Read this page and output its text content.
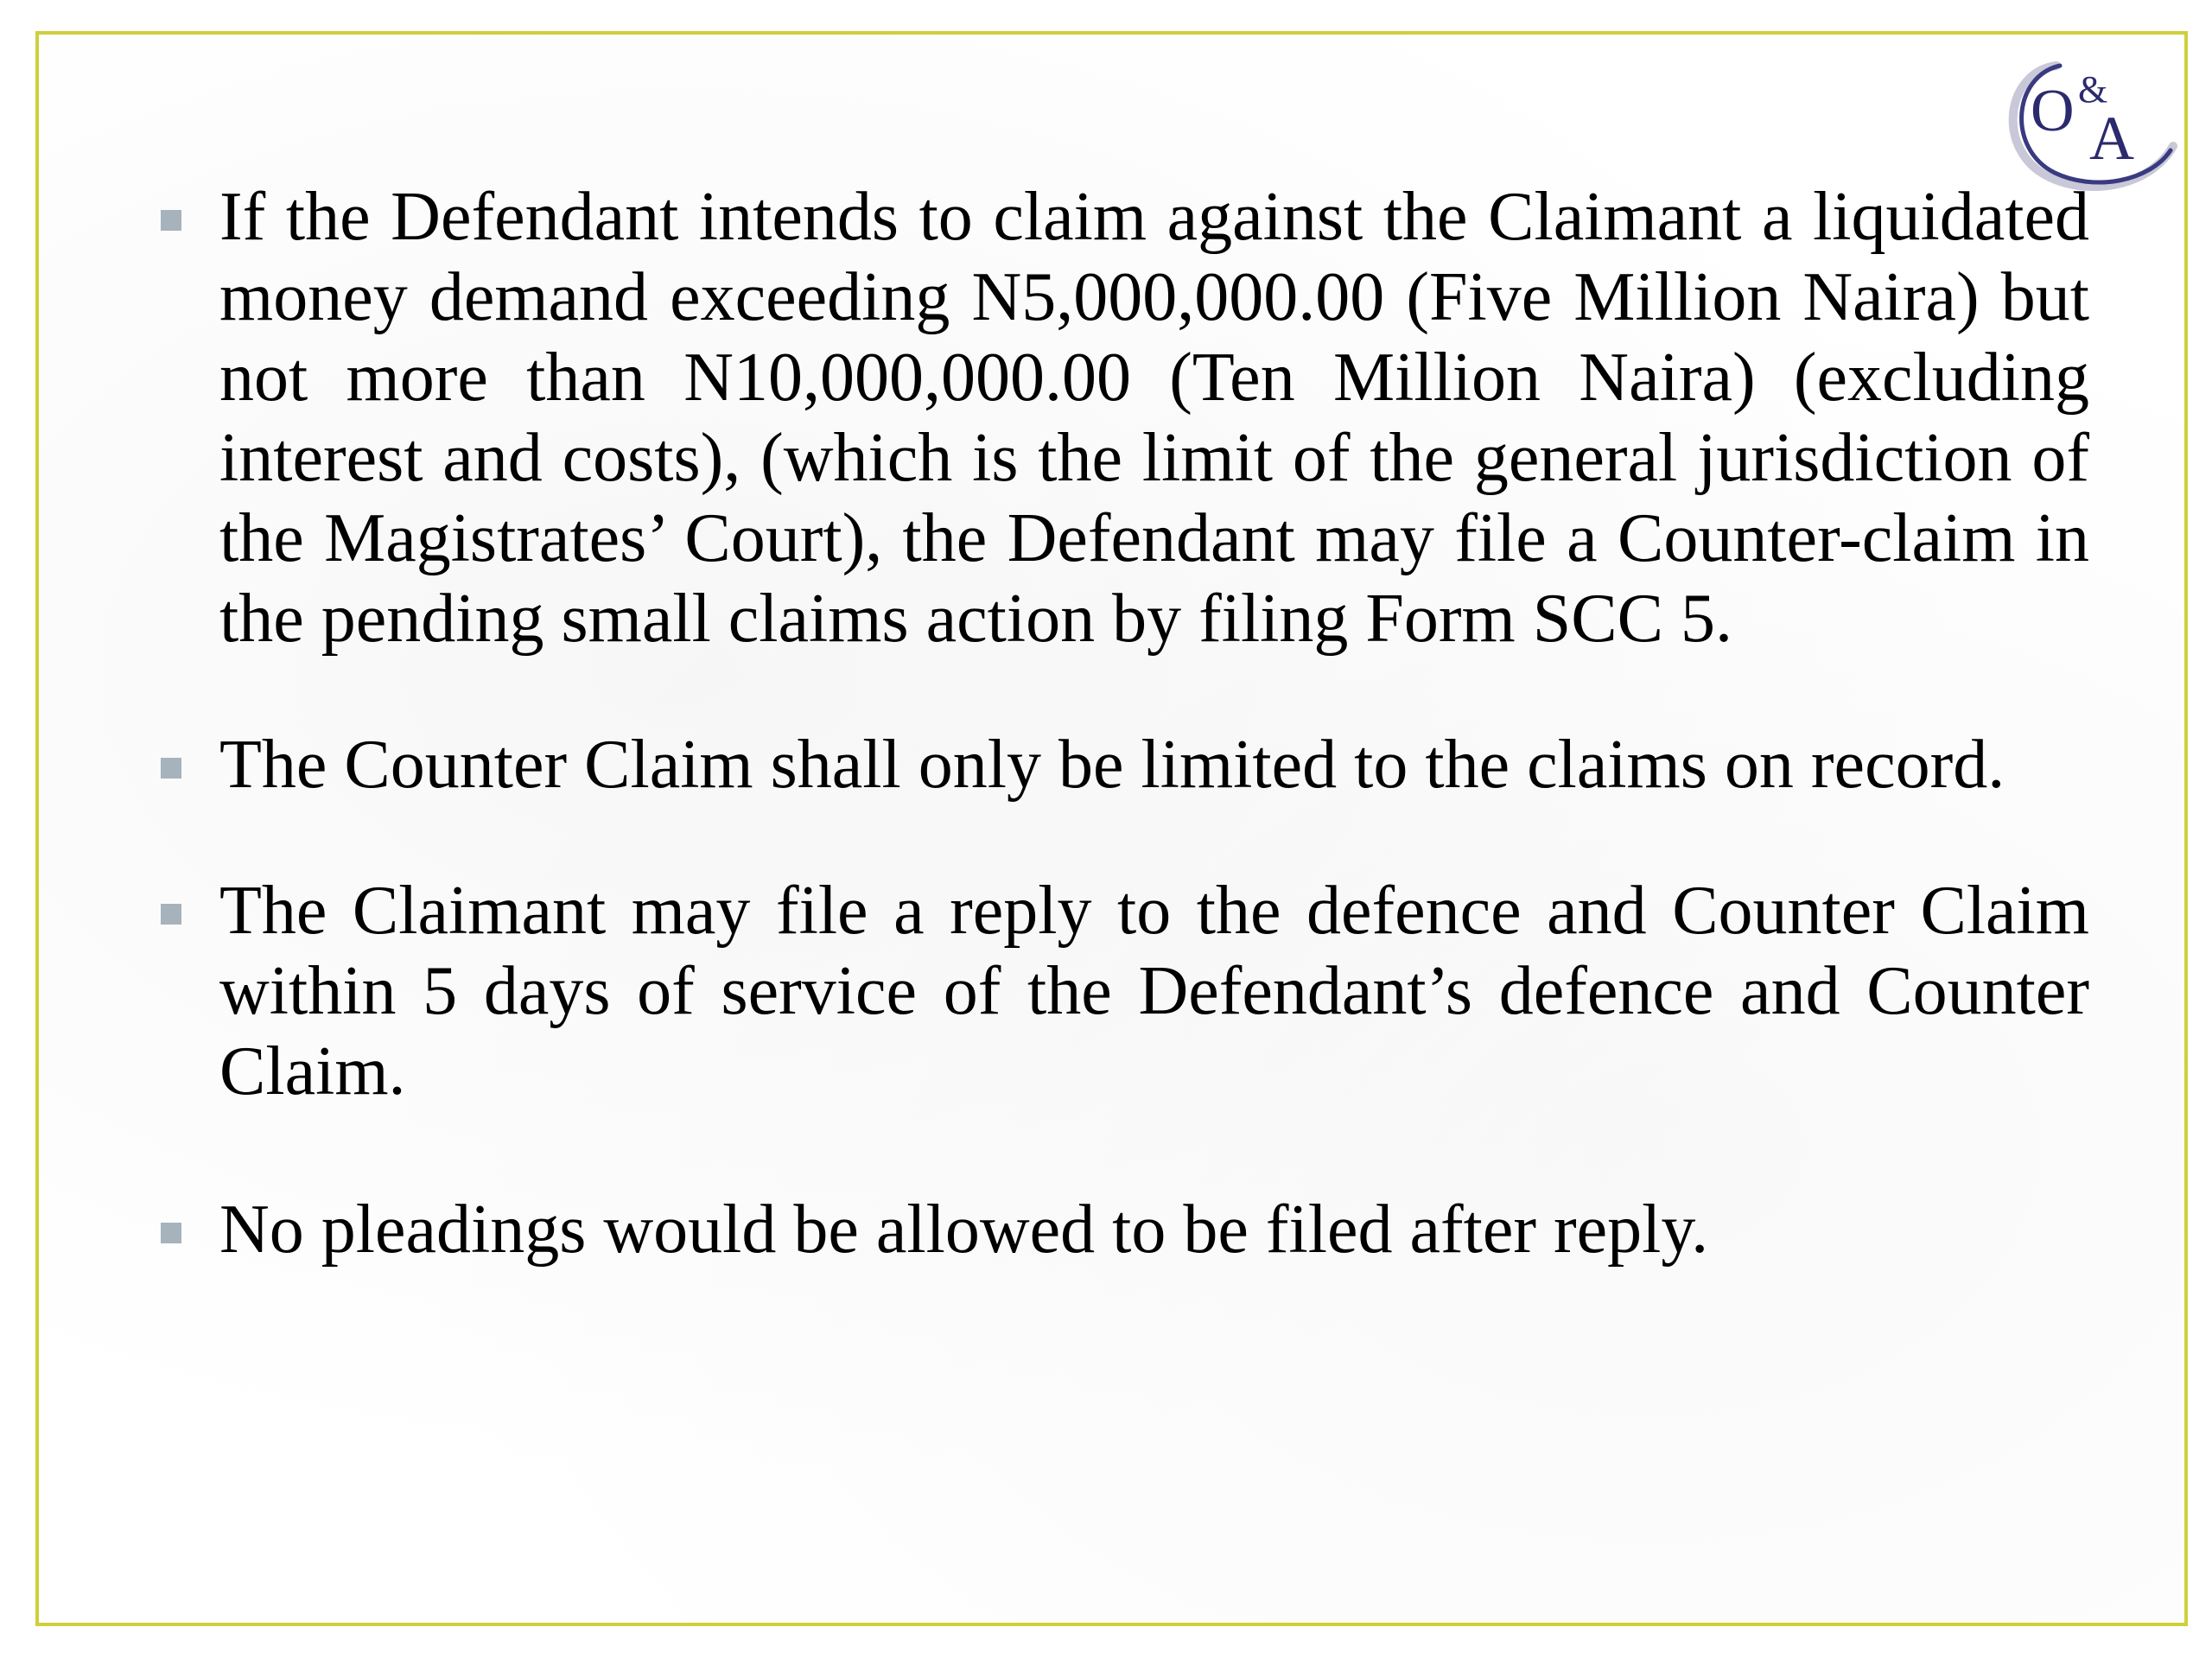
O &
A
If the Defendant intends to claim against the Claimant a liquidated money demand exceeding N5,000,000.00 (Five Million Naira) but not more than N10,000,000.00 (Ten Million Naira) (excluding interest and costs), (which is the limit of the general jurisdiction of the Magistrates’ Court), the Defendant may file a Counter-claim in the pending small claims action by filing Form SCC 5.
The Counter Claim shall only be limited to the claims on record.
The Claimant may file a reply to the defence and Counter Claim within 5 days of service of the Defendant’s defence and Counter Claim.
No pleadings would be allowed to be filed after reply.
